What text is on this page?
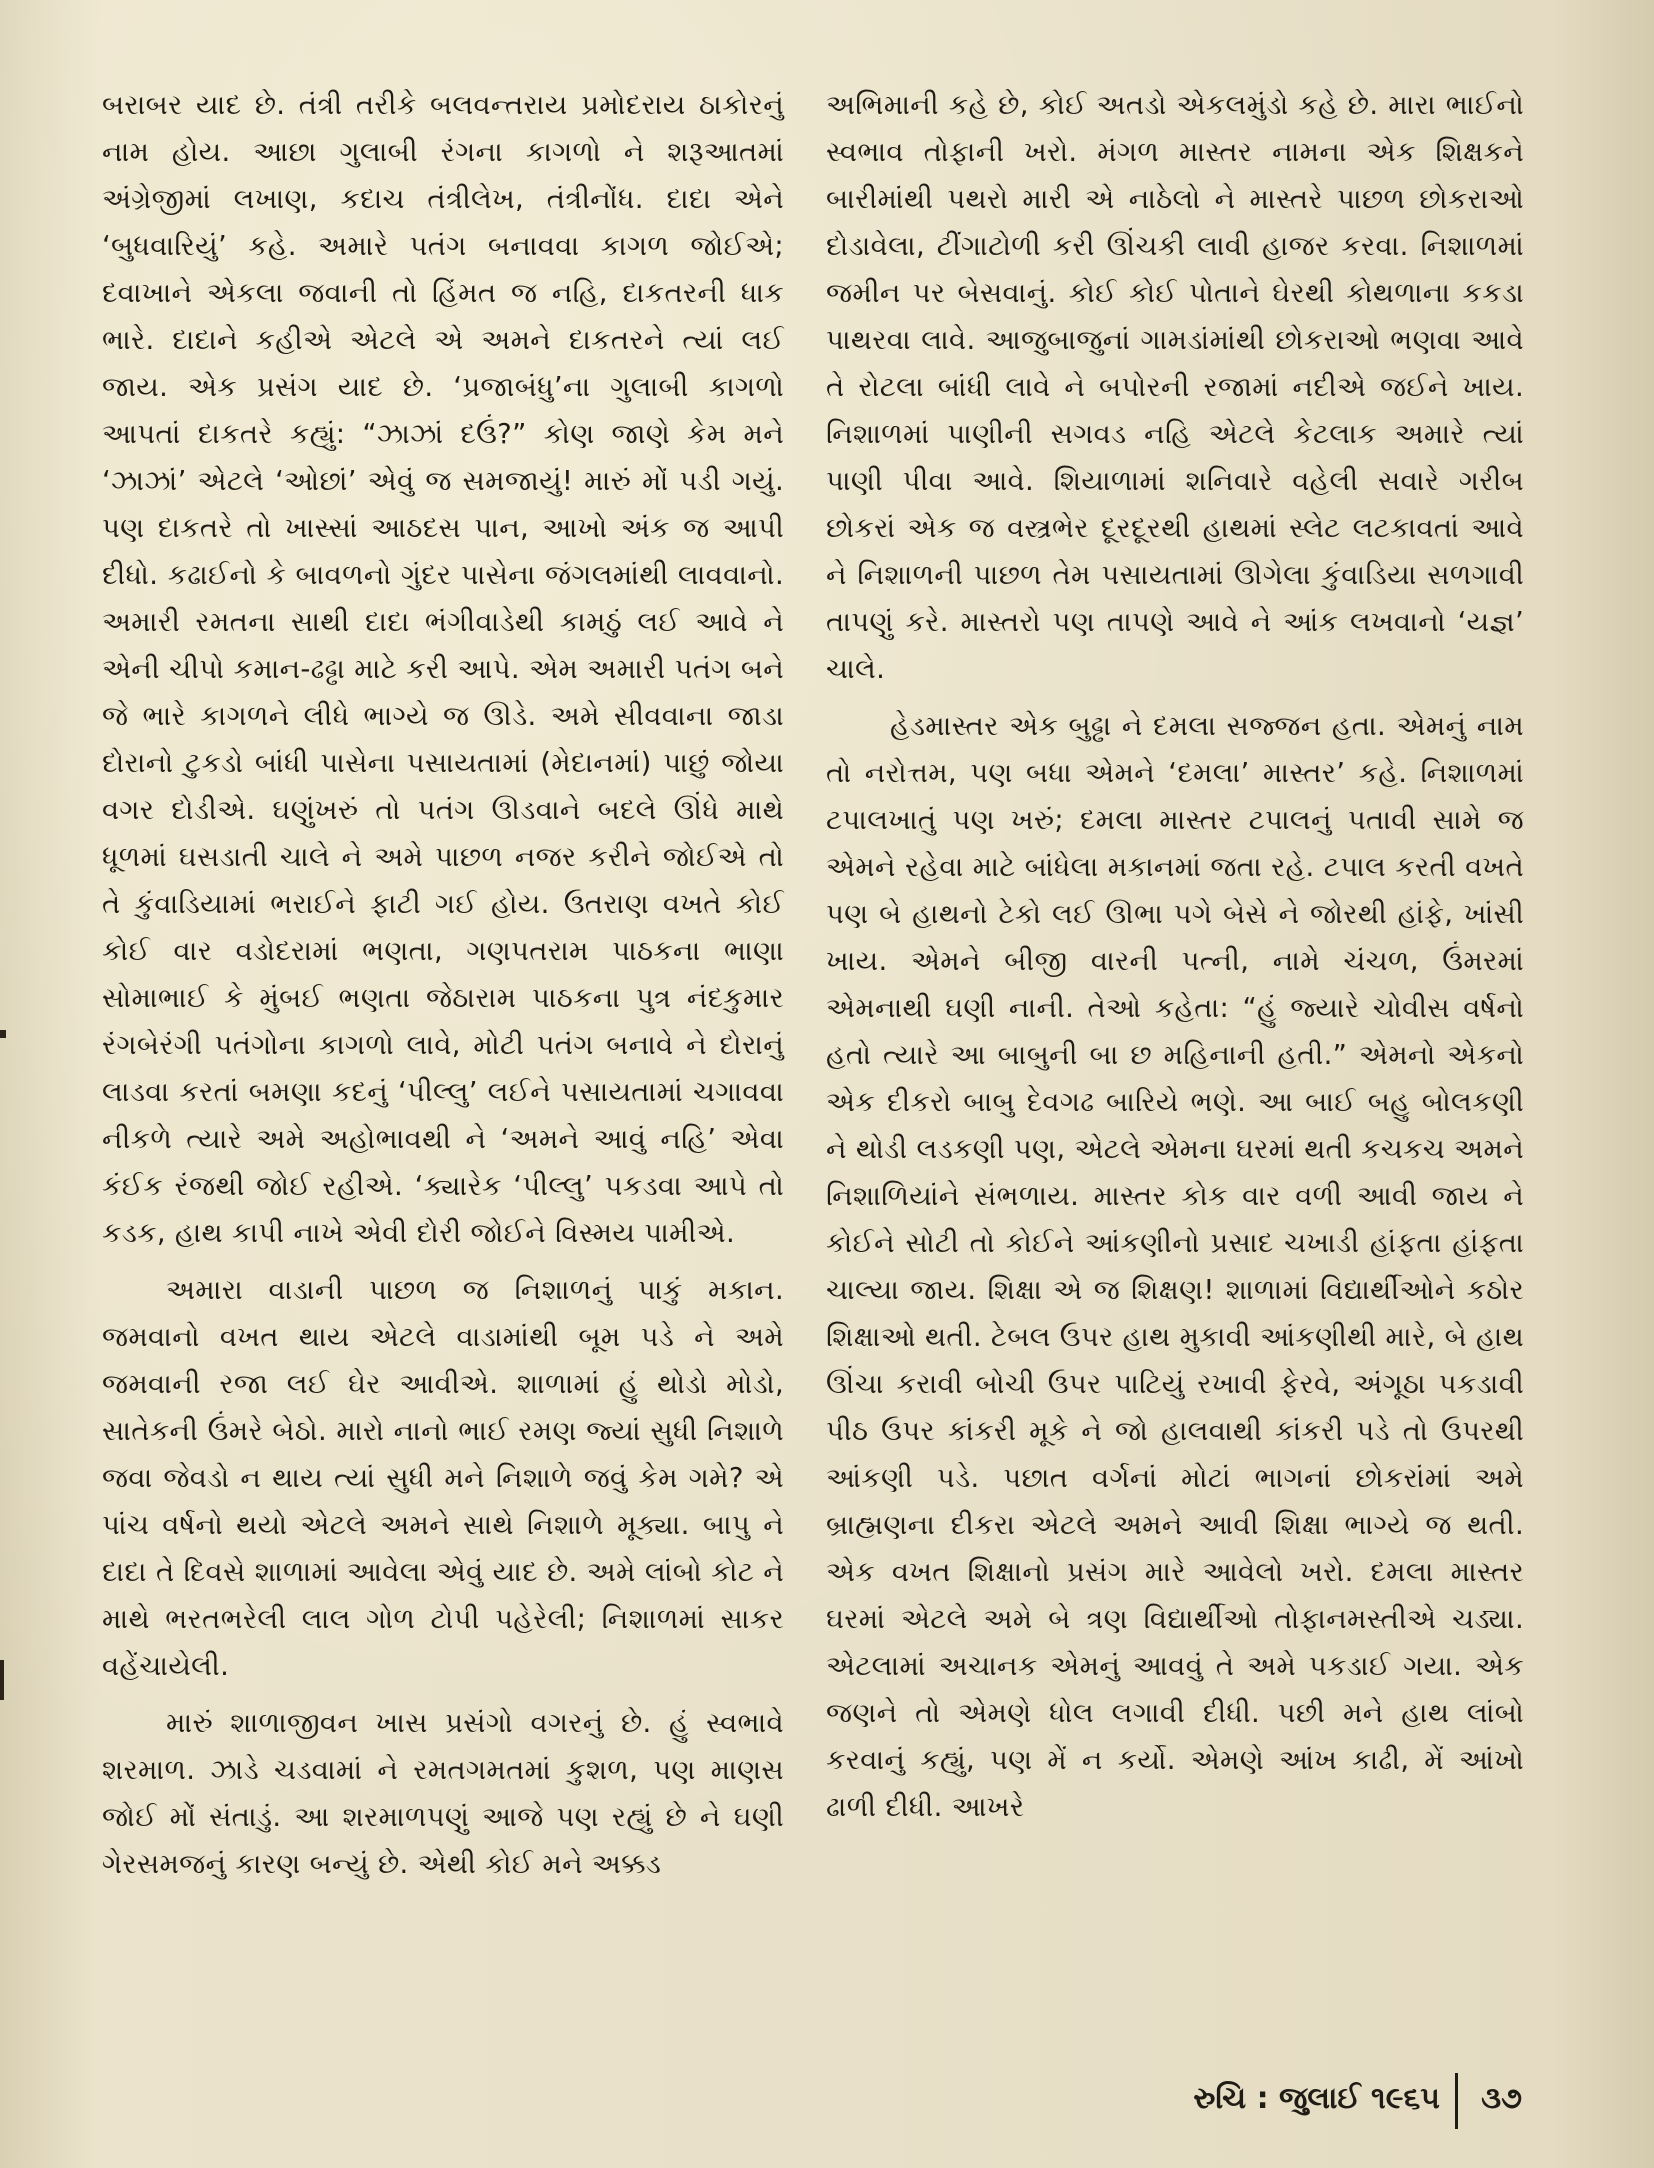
બરાબર યાદ છે. તંત્રી તરીકે બલવન્તરાય પ્રમોદરાય ઠાકોરનું નામ હોય. આછા ગુલાબી રંગના કાગળો ને શરૂઆતમાં અંગ્રેજીમાં લખાણ, કદાચ તંત્રીલેખ, તંત્રીનોંધ. દાદા એને ‘બુધવારિયું’ કહે. અમારે પતંગ બનાવવા કાગળ જોઈએ; દવાખાને એકલા જવાની તો હિંમત જ નહિ, દાકતરની ધાક ભારે. દાદાને કહીએ એટલે એ અમને દાકતરને ત્યાં લઈ જાય. એક પ્રસંગ યાદ છે. ‘પ્રજાબંધુ’ના ગુલાબી કાગળો આપતાં દાકતરે કહ્યું: “ઝાઝાં દઉં?” કોણ જાણે કેમ મને ‘ઝાઝાં’ એટલે ‘ઓછાં’ એવું જ સમજાયું! મારું મોં પડી ગયું. પણ દાકતરે તો ખાસ્સાં આઠદસ પાન, આખો અંક જ આપી દીધો. કઢાઈનો કે બાવળનો ગુંદર પાસેના જંગલમાંથી લાવવાનો. અમારી રમતના સાથી દાદા ભંગીવાડેથી કામઠું લઈ આવે ને એની ચીપો કમાન-ઢઢ્ઢા માટે કરી આપે. એમ અમારી પતંગ બને જે ભારે કાગળને લીધે ભાગ્યે જ ઊડે. અમે સીવવાના જાડા દોરાનો ટુકડો બાંધી પાસેના પસાયતામાં (મેદાનમાં) પાછું જોયા વગર દોડીએ. ઘણુંખરું તો પતંગ ઊડવાને બદલે ઊંધે માથે ધૂળમાં ઘસડાતી ચાલે ને અમે પાછળ નજર કરીને જોઈએ તો તે કુંવાડિયામાં ભરાઈને ફાટી ગઈ હોય. ઉતરાણ વખતે કોઈ કોઈ વાર વડોદરામાં ભણતા, ગણપતરામ પાઠકના ભાણા સોમાભાઈ કે મુંબઈ ભણતા જેઠારામ પાઠકના પુત્ર નંદકુમાર રંગબેરંગી પતંગોના કાગળો લાવે, મોટી પતંગ બનાવે ને દોરાનું લાડવા કરતાં બમણા કદનું ‘પીલ્લુ’ લઈને પસાયતામાં ચગાવવા નીકળે ત્યારે અમે અહોભાવથી ને ‘અમને આવું નહિ’ એવા કંઈક રંજથી જોઈ રહીએ. ‘ક્યારેક ‘પીલ્લુ’ પકડવા આપે તો કડક, હાથ કાપી નાખે એવી દોરી જોઈને વિસ્મય પામીએ.

અમારા વાડાની પાછળ જ નિશાળનું પાકું મકાન. જમવાનો વખત થાય એટલે વાડામાંથી બૂમ પડે ને અમે જમવાની રજા લઈ ઘેર આવીએ. શાળામાં હું થોડો મોડો, સાતેકની ઉંમરે બેઠો. મારો નાનો ભાઈ રમણ જ્યાં સુધી નિશાળે જવા જેવડો ન થાય ત્યાં સુધી મને નિશાળે જવું કેમ ગમે? એ પાંચ વર્ષનો થયો એટલે અમને સાથે નિશાળે મૂક્યા. બાપુ ને દાદા તે દિવસે શાળામાં આવેલા એવું યાદ છે. અમે લાંબો કોટ ને માથે ભરતભરેલી લાલ ગોળ ટોપી પહેરેલી; નિશાળમાં સાકર વહેંચાયેલી.

મારું શાળાજીવન ખાસ પ્રસંગો વગરનું છે. હું સ્વભાવે શરમાળ. ઝાડે ચડવામાં ને રમતગમતમાં કુશળ, પણ માણસ જોઈ મોં સંતાડું. આ શરમાળપણું આજે પણ રહ્યું છે ને ઘણી ગેરસમજનું કારણ બન્યું છે. એથી કોઈ મને અક્કડ

અભિમાની કહે છે, કોઈ અતડો એકલમુંડો કહે છે. મારા ભાઈનો સ્વભાવ તોફાની ખરો. મંગળ માસ્તર નામના એક શિક્ષકને બારીમાંથી પથરો મારી એ નાઠેલો ને માસ્તરે પાછળ છોકરાઓ દોડાવેલા, ટીંગાટોળી કરી ઊંચકી લાવી હાજર કરવા. નિશાળમાં જમીન પર બેસવાનું. કોઈ કોઈ પોતાને ઘેરથી કોથળાના કકડા પાથરવા લાવે. આજુબાજુનાં ગામડાંમાંથી છોકરાઓ ભણવા આવે તે રોટલા બાંધી લાવે ને બપોરની રજામાં નદીએ જઈને ખાય. નિશાળમાં પાણીની સગવડ નહિ એટલે કેટલાક અમારે ત્યાં પાણી પીવા આવે. શિયાળામાં શનિવારે વહેલી સવારે ગરીબ છોકરાં એક જ વસ્ત્રભેર દૂરદૂરથી હાથમાં સ્લેટ લટકાવતાં આવે ને નિશાળની પાછળ તેમ પસાયતામાં ઊગેલા કુંવાડિયા સળગાવી તાપણું કરે. માસ્તરો પણ તાપણે આવે ને આંક લખવાનો ‘યજ્ઞ’ ચાલે.

હેડમાસ્તર એક બુઢ્ઢા ને દમલા સજ્જન હતા. એમનું નામ તો નરોત્તમ, પણ બધા એમને ‘દમલા’ માસ્તર’ કહે. નિશાળમાં ટપાલખાતું પણ ખરું; દમલા માસ્તર ટપાલનું પતાવી સામે જ એમને રહેવા માટે બાંધેલા મકાનમાં જતા રહે. ટપાલ કરતી વખતે પણ બે હાથનો ટેકો લઈ ઊભા પગે બેસે ને જોરથી હાંફે, ખાંસી ખાય. એમને બીજી વારની પત્ની, નામે ચંચળ, ઉંમરમાં એમનાથી ઘણી નાની. તેઓ કહેતા: “હું જ્યારે ચોવીસ વર્ષનો હતો ત્યારે આ બાબુની બા છ મહિનાની હતી.” એમનો એકનો એક દીકરો બાબુ દેવગઢ બારિયે ભણે. આ બાઈ બહુ બોલકણી ને થોડી લડકણી પણ, એટલે એમના ઘરમાં થતી કચકચ અમને નિશાળિયાંને સંભળાય. માસ્તર કોક વાર વળી આવી જાય ને કોઈને સોટી તો કોઈને આંકણીનો પ્રસાદ ચખાડી હાંફતા હાંફતા ચાલ્યા જાય. શિક્ષા એ જ શિક્ષણ! શાળામાં વિદ્યાર્થીઓને કઠોર શિક્ષાઓ થતી. ટેબલ ઉપર હાથ મુકાવી આંકણીથી મારે, બે હાથ ઊંચા કરાવી બોચી ઉપર પાટિયું રખાવી ફેરવે, અંગૂઠા પકડાવી પીઠ ઉપર કાંકરી મૂકે ને જો હાલવાથી કાંકરી પડે તો ઉપરથી આંકણી પડે. પછાત વર્ગનાં મોટાં ભાગનાં છોકરાંમાં અમે બ્રાહ્મણના દીકરા એટલે અમને આવી શિક્ષા ભાગ્યે જ થતી. એક વખત શિક્ષાનો પ્રસંગ મારે આવેલો ખરો. દમલા માસ્તર ઘરમાં એટલે અમે બે ત્રણ વિદ્યાર્થીઓ તોફાનમસ્તીએ ચડ્યા. એટલામાં અચાનક એમનું આવવું તે અમે પકડાઈ ગયા. એક જણને તો એમણે ધોલ લગાવી દીધી. પછી મને હાથ લાંબો કરવાનું કહ્યું, પણ મેં ન કર્યો. એમણે આંખ કાઢી, મેં આંખો ઢાળી દીધી. આખરે

રુચિ : જુલાઈ ૧૯૬૫ ૩૭
